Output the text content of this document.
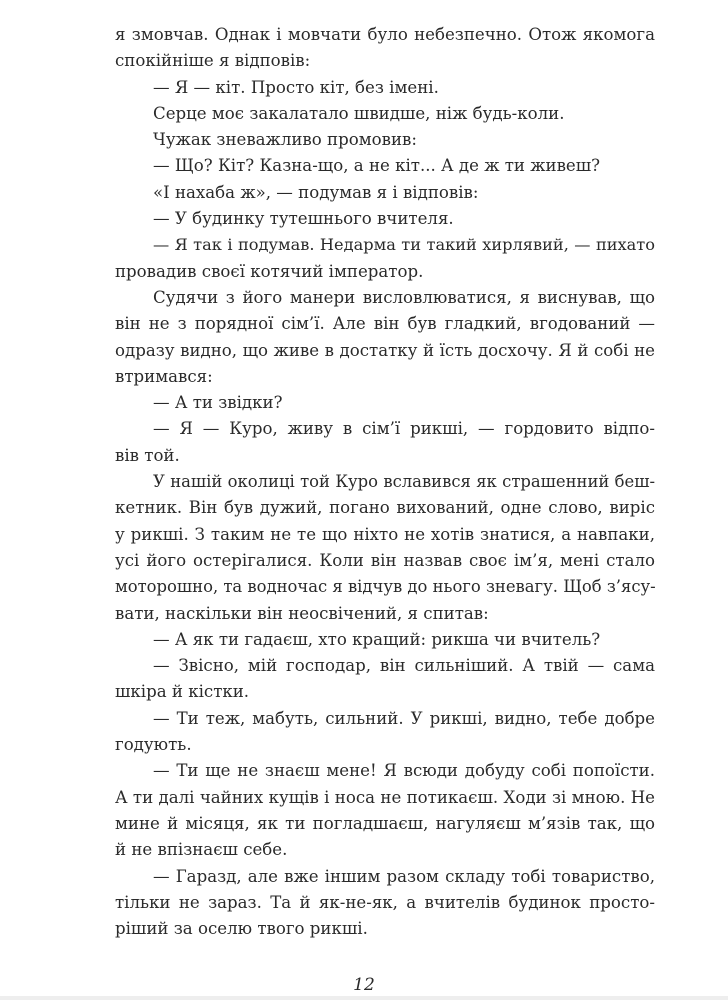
я змовчав. Однак і мовчати було небезпечно. Отож якомога
спокійніше я відповів:
— Я — кіт. Просто кіт, без імені.
Серце моє закалатало швидше, ніж будь-коли.
Чужак зневажливо промовив:
— Що? Кіт? Казна-що, а не кіт... А де ж ти живеш?
«І нахаба ж», — подумав я і відповів:
— У будинку тутешнього вчителя.
— Я так і подумав. Недарма ти такий хирлявий, — пихато
провадив своєї котячий імператор.
Судячи з його манери висловлюватися, я виснував, що
він не з порядної сім’ї. Але він був гладкий, вгодований —
одразу видно, що живе в достатку й їсть досхочу. Я й собі не
втримався:
— А ти звідки?
— Я — Куро, живу в сім’ї рикші, — гордовито відпо-
вів той.
У нашій околиці той Куро вславився як страшенний бeш-
кетник. Він був дужий, погано вихований, одне слово, виріс
у рикші. З таким не те що ніхто не хотів знатися, а навпаки,
усі його остерігалися. Коли він назвав своє ім’я, мені стало
моторошно, та водночас я відчув до нього зневагу. Щоб з’ясу-
вати, наскільки він неосвічений, я спитав:
— А як ти гадаєш, хто кращий: рикша чи вчитель?
— Звісно, мій господар, він сильніший. А твій — сама
шкіра й кістки.
— Ти теж, мабуть, сильний. У рикші, видно, тебе добре
годують.
— Ти ще не знаєш мене! Я всюди добуду собі попоїсти.
А ти далі чайних кущів і носа не потикаєш. Ходи зі мною. Не
мине й місяця, як ти погладшаєш, нагуляєш м’язів так, що
й не впізнаєш себе.
— Гаразд, але вже іншим разом складу тобі товариство,
тільки не зараз. Та й як-не-як, а вчителів будинок просто-
ріший за оселю твого рикші.
12
